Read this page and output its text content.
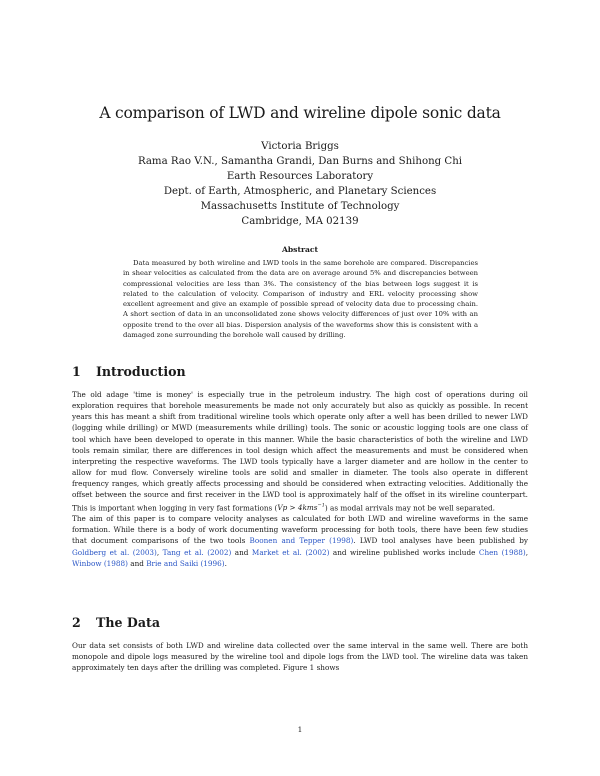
A comparison of LWD and wireline dipole sonic data
Victoria Briggs
Rama Rao V.N., Samantha Grandi, Dan Burns and Shihong Chi
Earth Resources Laboratory
Dept. of Earth, Atmospheric, and Planetary Sciences
Massachusetts Institute of Technology
Cambridge, MA 02139
Abstract
Data measured by both wireline and LWD tools in the same borehole are compared. Discrepancies in shear velocities as calculated from the data are on average around 5% and discrepancies between compressional velocities are less than 3%. The consistency of the bias between logs suggest it is related to the calculation of velocity. Comparison of industry and ERL velocity processing show excellent agreement and give an example of possible spread of velocity data due to processing chain. A short section of data in an unconsolidated zone shows velocity differences of just over 10% with an opposite trend to the over all bias. Dispersion analysis of the waveforms show this is consistent with a damaged zone surrounding the borehole wall caused by drilling.
1 Introduction

The old adage 'time is money' is especially true in the petroleum industry. The high cost of operations during oil exploration requires that borehole measurements be made not only accurately but also as quickly as possible. In recent years this has meant a shift from traditional wireline tools which operate only after a well has been drilled to newer LWD (logging while drilling) or MWD (measurements while drilling) tools. The sonic or acoustic logging tools are one class of tool which have been developed to operate in this manner. While the basic characteristics of both the wireline and LWD tools remain similar, there are differences in tool design which affect the measurements and must be considered when interpreting the respective waveforms. The LWD tools typically have a larger diameter and are hollow in the center to allow for mud flow. Conversely wireline tools are solid and smaller in diameter. The tools also operate in different frequency ranges, which greatly affects processing and should be considered when extracting velocities. Additionally the offset between the source and first receiver in the LWD tool is approximately half of the offset in its wireline counterpart. This is important when logging in very fast formations (Vp > 4kms$^{-1}$) as modal arrivals may not be well separated.

The aim of this paper is to compare velocity analyses as calculated for both LWD and wireline waveforms in the same formation. While there is a body of work documenting waveform processing for both tools, there have been few studies that document comparisons of the two tools Boonen and Tepper (1998). LWD tool analyses have been published by Goldberg et al. (2003), Tang et al. (2002) and Market et al. (2002) and wireline published works include Chen (1988), Winbow (1988) and Brie and Saiki (1996).

2 The Data

Our data set consists of both LWD and wireline data collected over the same interval in the same well. There are both monopole and dipole logs measured by the wireline tool and dipole logs from the LWD tool. The wireline data was taken approximately ten days after the drilling was completed. Figure 1 shows

1
